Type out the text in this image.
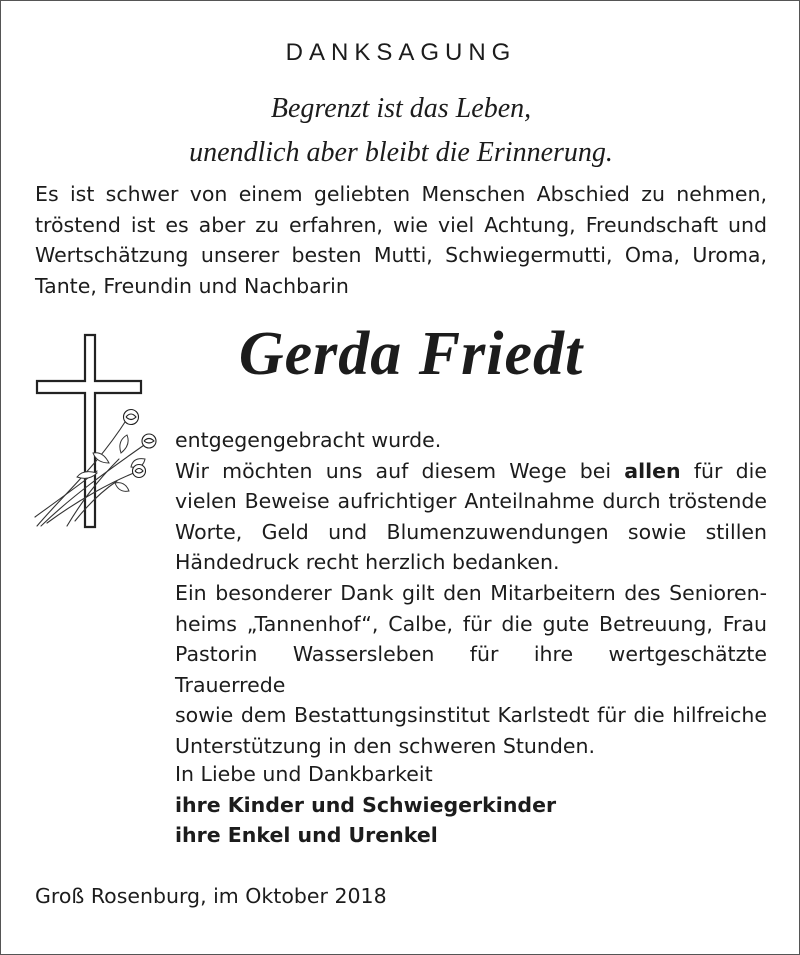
DANKSAGUNG
Begrenzt ist das Leben,
unendlich aber bleibt die Erinnerung.
Es ist schwer von einem geliebten Menschen Abschied zu nehmen,
tröstend ist es aber zu erfahren, wie viel Achtung, Freundschaft und
Wertschätzung unserer besten Mutti, Schwiegermutti, Oma, Uroma,
Tante, Freundin und Nachbarin
Gerda Friedt
entgegengebracht wurde.
Wir möchten uns auf diesem Wege bei allen für die
vielen Beweise aufrichtiger Anteilnahme durch tröstende
Worte, Geld und Blumenzuwendungen sowie stillen
Händedruck recht herzlich bedanken.
Ein besonderer Dank gilt den Mitarbeitern des Senioren-
heims „Tannenhof“, Calbe, für die gute Betreuung, Frau
Pastorin Wassersleben für ihre wertgeschätzte Trauerrede
sowie dem Bestattungsinstitut Karlstedt für die hilfreiche
Unterstützung in den schweren Stunden.
In Liebe und Dankbarkeit
ihre Kinder und Schwiegerkinder
ihre Enkel und Urenkel
Groß Rosenburg, im Oktober 2018
